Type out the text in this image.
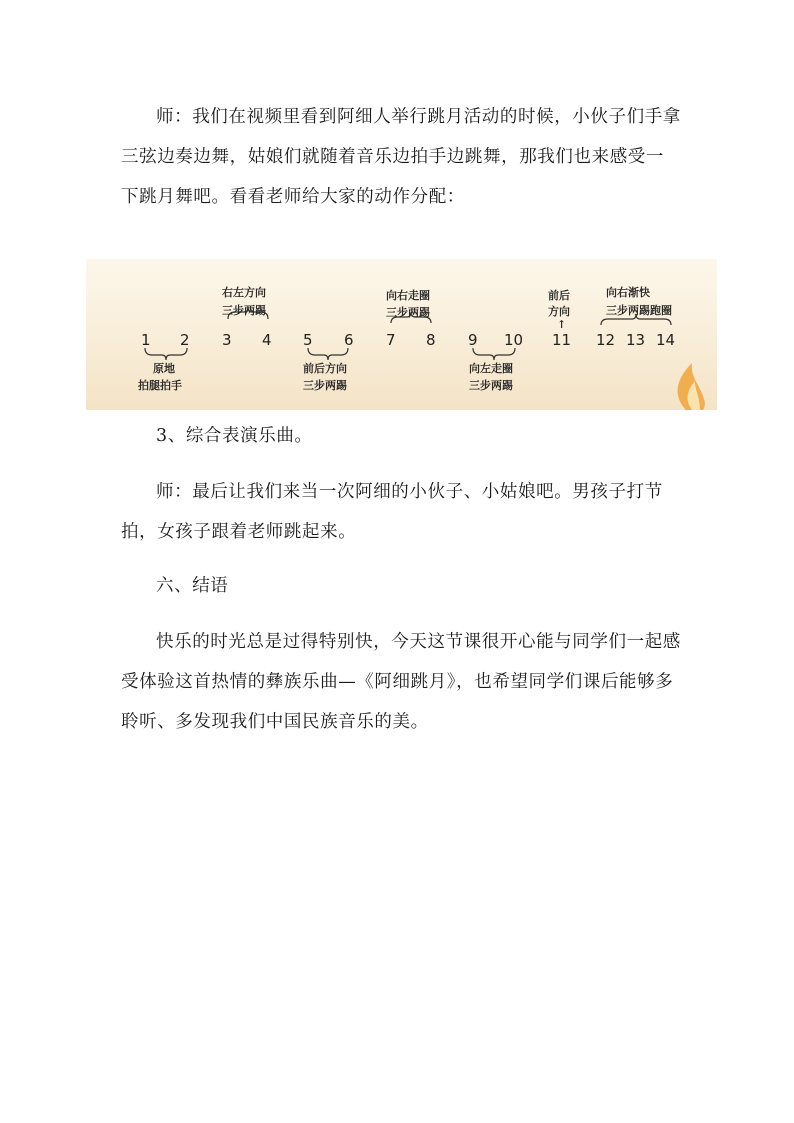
师：我们在视频里看到阿细人举行跳月活动的时候，小伙子们手拿三弦边奏边舞，姑娘们就随着音乐边拍手边跳舞，那我们也来感受一下跳月舞吧。看看老师给大家的动作分配：

1 2 3 4 5 6 7 8 9 10 11 12 13 14
原地
拍腿拍手
右左方向
三步两踢
前后方向
三步两踢
向右走圈
三步两踢
向左走圈
三步两踢
前后
方向
↑
向右渐快
三步两踢跑圈

3、综合表演乐曲。

师：最后让我们来当一次阿细的小伙子、小姑娘吧。男孩子打节拍，女孩子跟着老师跳起来。

六、结语

快乐的时光总是过得特别快，今天这节课很开心能与同学们一起感受体验这首热情的彝族乐曲—《阿细跳月》，也希望同学们课后能够多聆听、多发现我们中国民族音乐的美。
